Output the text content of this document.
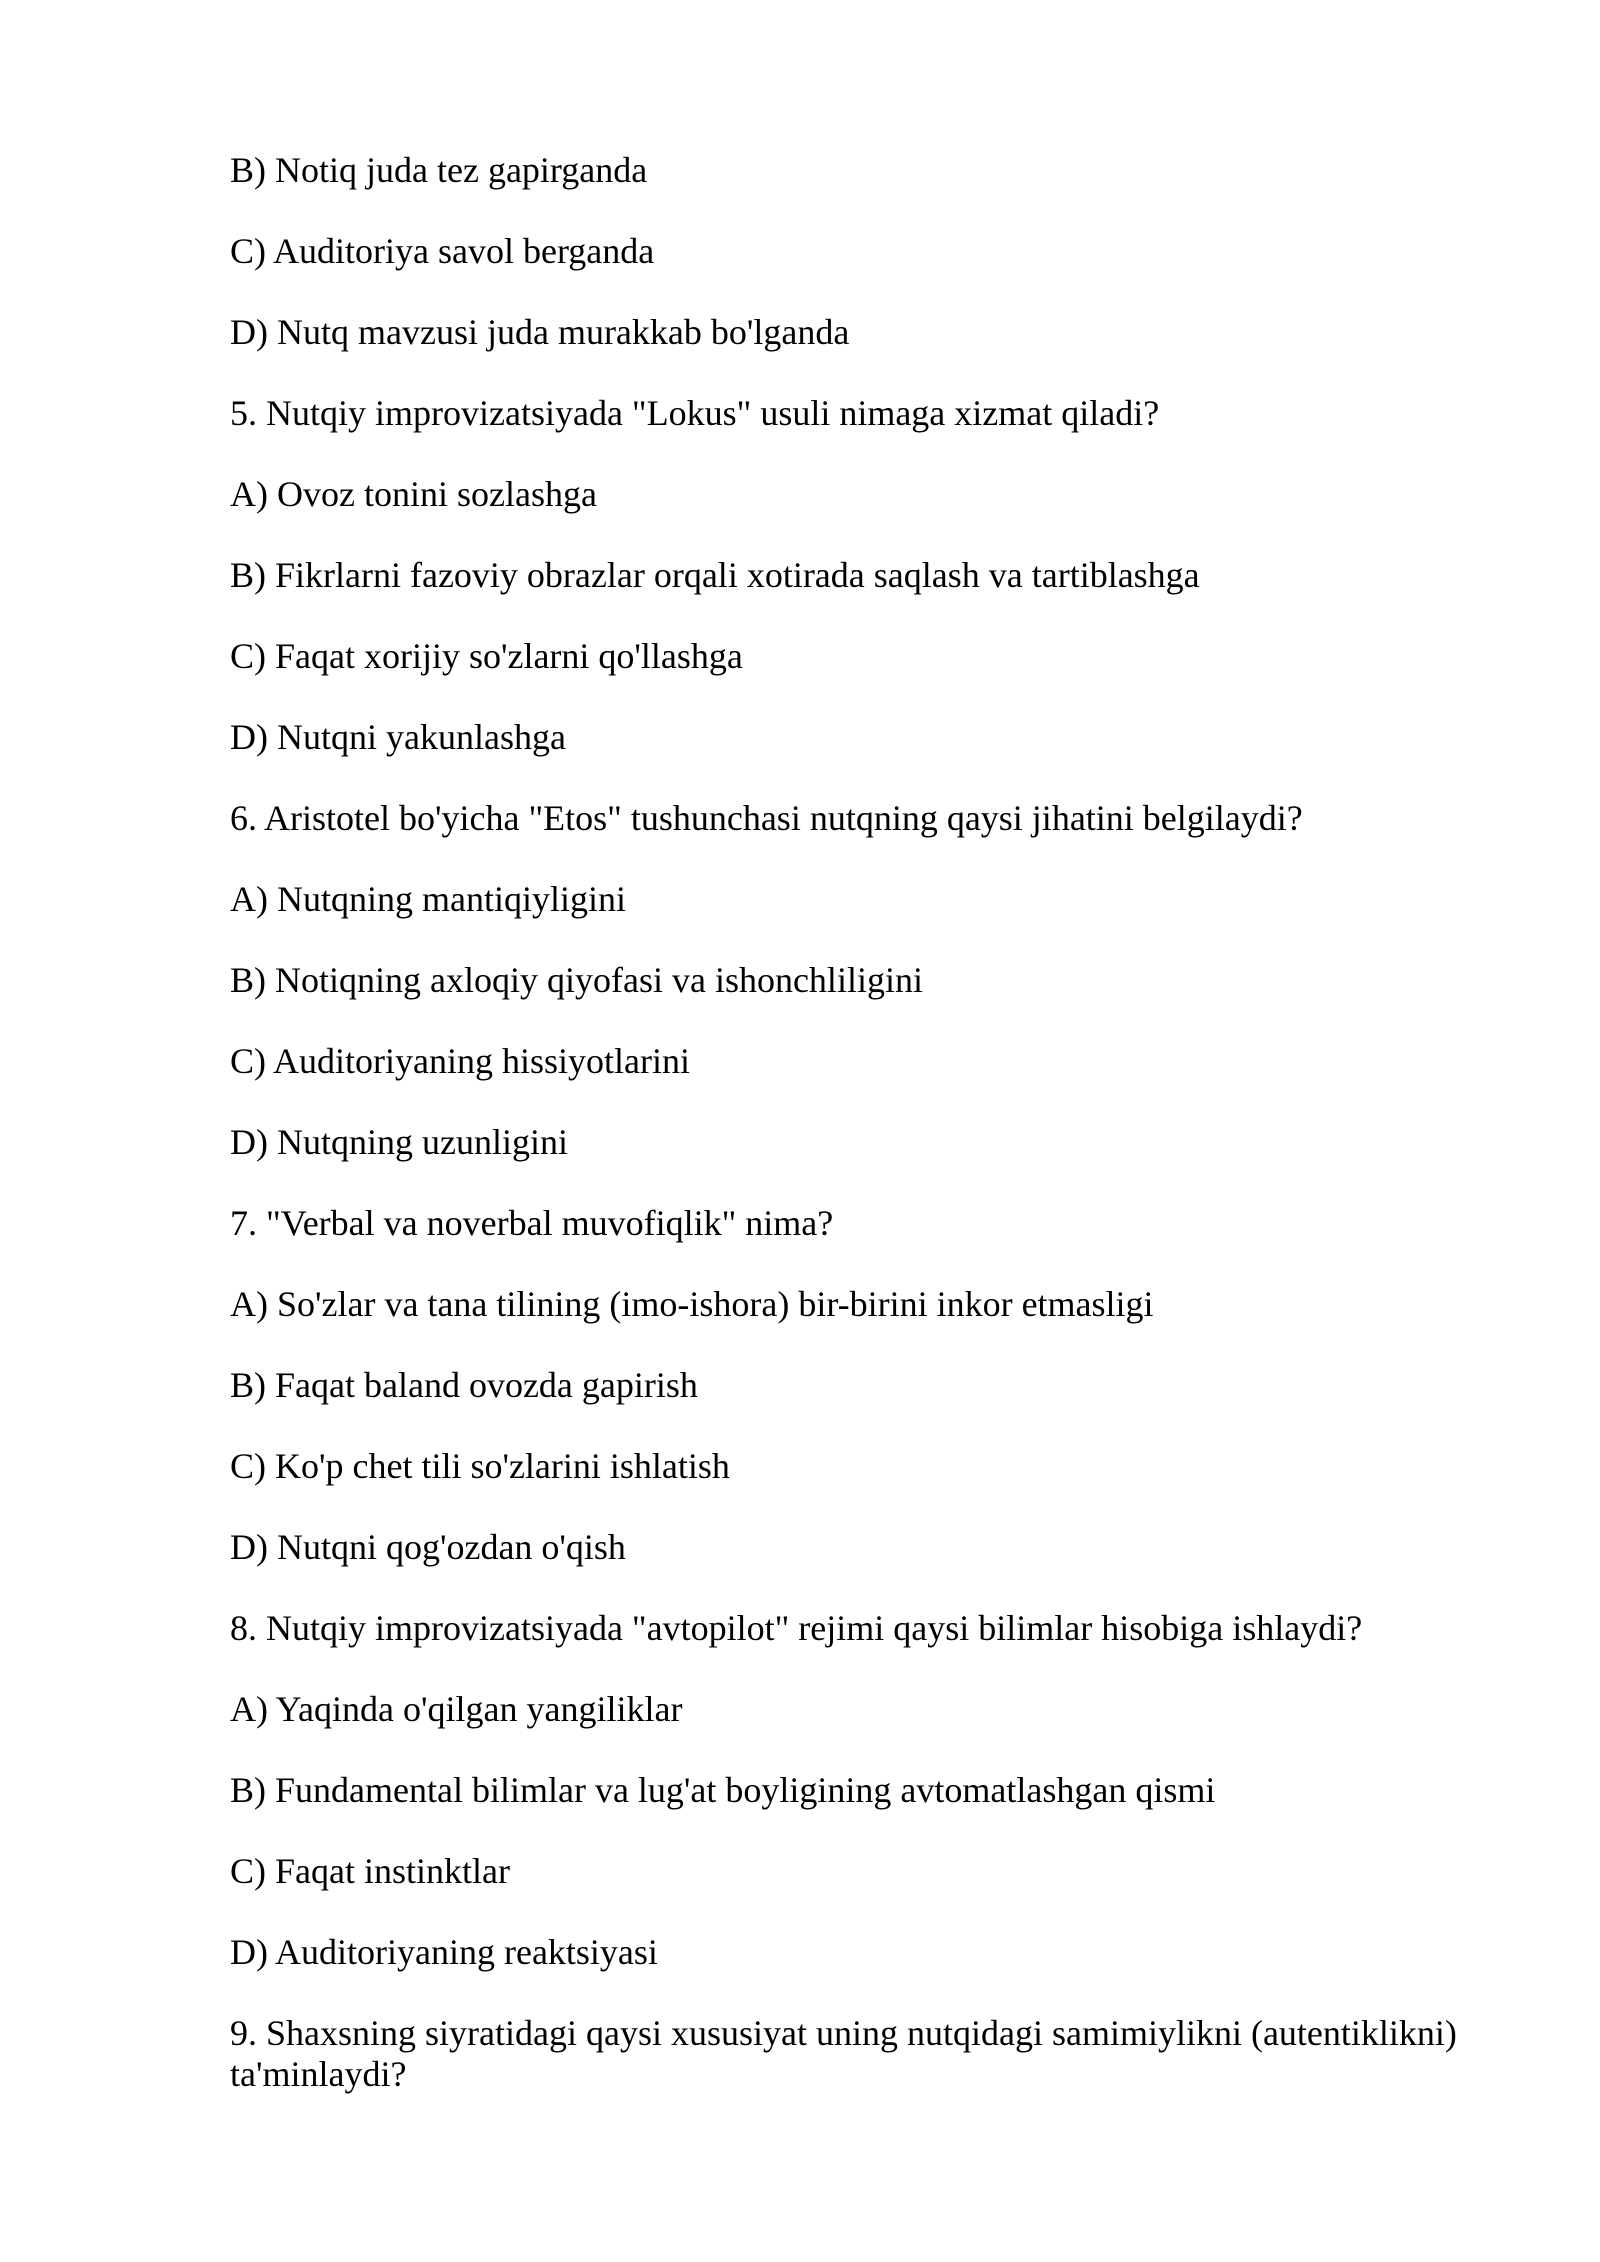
B) Notiq juda tez gapirganda

C) Auditoriya savol berganda

D) Nutq mavzusi juda murakkab bo'lganda

5. Nutqiy improvizatsiyada "Lokus" usuli nimaga xizmat qiladi?

A) Ovoz tonini sozlashga

B) Fikrlarni fazoviy obrazlar orqali xotirada saqlash va tartiblashga

C) Faqat xorijiy so'zlarni qo'llashga

D) Nutqni yakunlashga

6. Aristotel bo'yicha "Etos" tushunchasi nutqning qaysi jihatini belgilaydi?

A) Nutqning mantiqiyligini

B) Notiqning axloqiy qiyofasi va ishonchliligini

C) Auditoriyaning hissiyotlarini

D) Nutqning uzunligini

7. "Verbal va noverbal muvofiqlik" nima?

A) So'zlar va tana tilining (imo-ishora) bir-birini inkor etmasligi

B) Faqat baland ovozda gapirish

C) Ko'p chet tili so'zlarini ishlatish

D) Nutqni qog'ozdan o'qish

8. Nutqiy improvizatsiyada "avtopilot" rejimi qaysi bilimlar hisobiga ishlaydi?

A) Yaqinda o'qilgan yangiliklar

B) Fundamental bilimlar va lug'at boyligining avtomatlashgan qismi

C) Faqat instinktlar

D) Auditoriyaning reaktsiyasi

9. Shaxsning siyratidagi qaysi xususiyat uning nutqidagi samimiylikni (autentiklikni) ta'minlaydi?
